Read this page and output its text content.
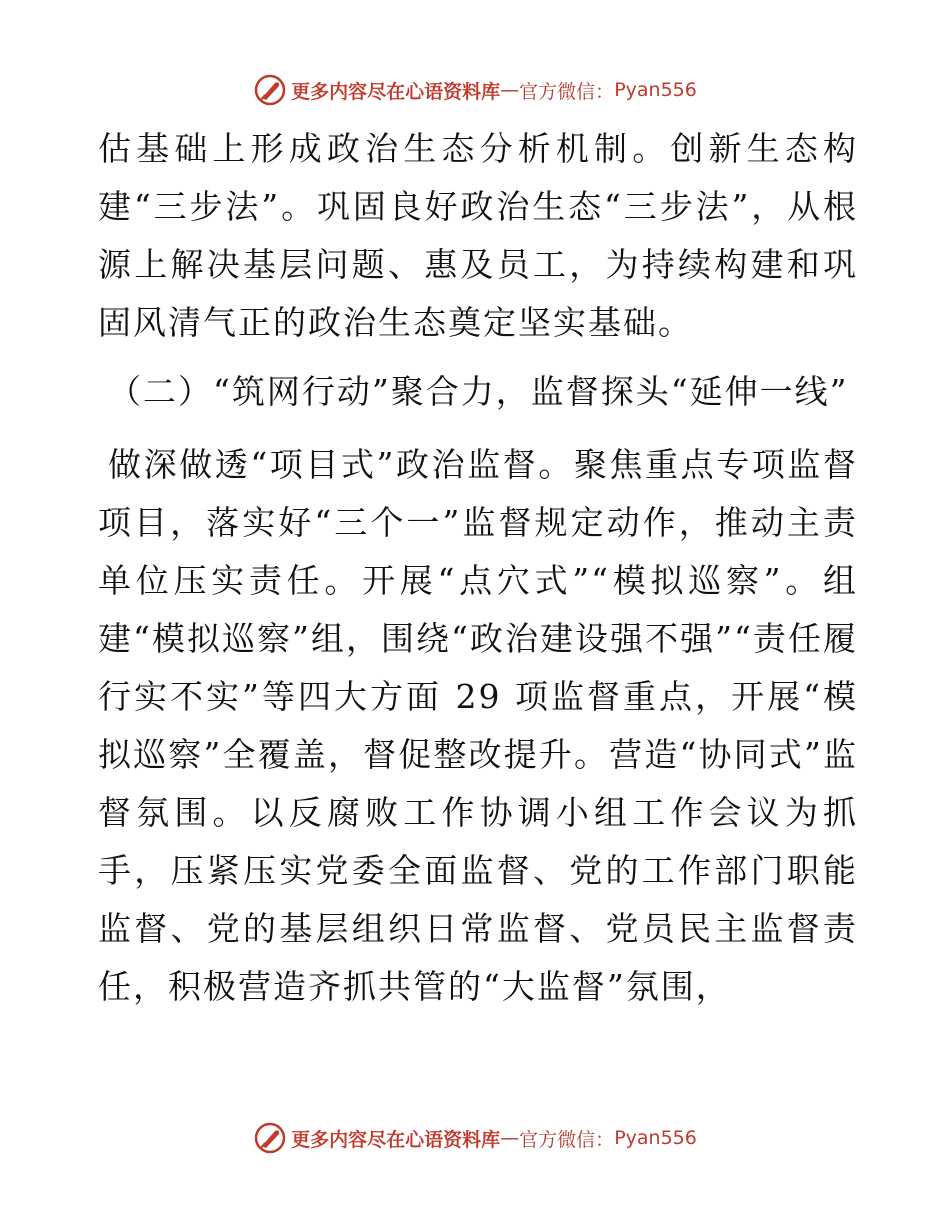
更多内容尽在心语资料库 — 官方微信： Pyan556

估基础上形成政治生态分析机制。创新生态构建“三步法”。巩固良好政治生态“三步法”，从根源上解决基层问题、惠及员工，为持续构建和巩固风清气正的政治生态奠定坚实基础。

（二）“筑网行动”聚合力，监督探头“延伸一线”

做深做透“项目式”政治监督。聚焦重点专项监督项目，落实好“三个一”监督规定动作，推动主责单位压实责任。开展“点穴式”“模拟巡察”。组建“模拟巡察”组，围绕“政治建设强不强”“责任履行实不实”等四大方面 29 项监督重点，开展“模拟巡察”全覆盖，督促整改提升。营造“协同式”监督氛围。以反腐败工作协调小组工作会议为抓手，压紧压实党委全面监督、党的工作部门职能监督、党的基层组织日常监督、党员民主监督责任，积极营造齐抓共管的“大监督”氛围，

更多内容尽在心语资料库 — 官方微信： Pyan556
